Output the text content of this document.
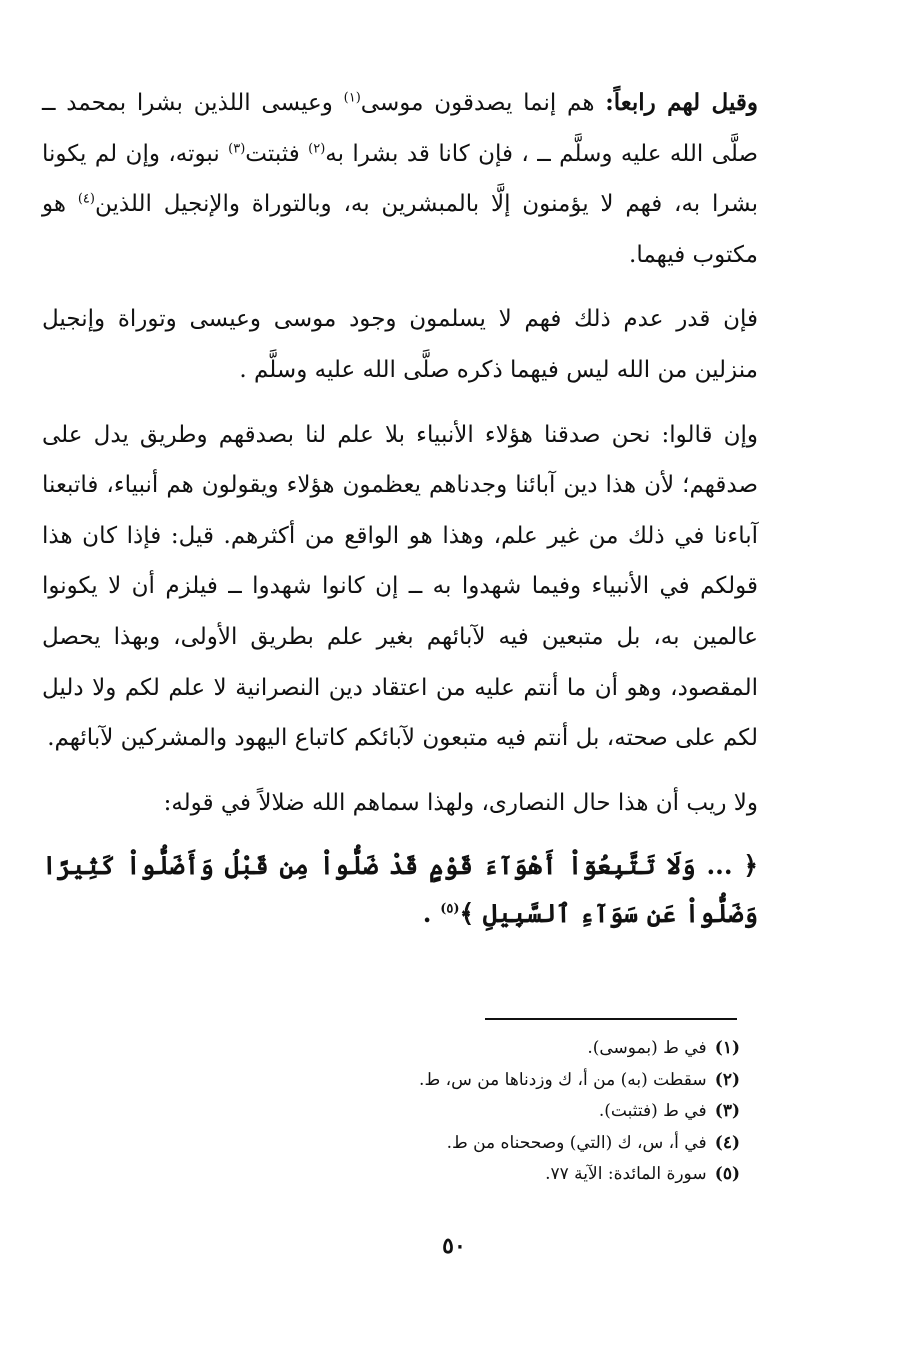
وقيل لهم رابعاً: هم إنما يصدقون موسى$^{(١)}$ وعيسى اللذين بشرا بمحمد ــ صلَّى الله عليه وسلَّم ــ ، فإن كانا قد بشرا به$^{(٢)}$ فثبتت$^{(٣)}$ نبوته، وإن لم يكونا بشرا به، فهم لا يؤمنون إلَّا بالمبشرين به، وبالتوراة والإنجيل اللذين$^{(٤)}$ هو مكتوب فيهما.

فإن قدر عدم ذلك فهم لا يسلمون وجود موسى وعيسى وتوراة وإنجيل منزلين من الله ليس فيهما ذكره صلَّى الله عليه وسلَّم .

وإن قالوا: نحن صدقنا هؤلاء الأنبياء بلا علم لنا بصدقهم وطريق يدل على صدقهم؛ لأن هذا دين آبائنا وجدناهم يعظمون هؤلاء ويقولون هم أنبياء، فاتبعنا آباءنا في ذلك من غير علم، وهذا هو الواقع من أكثرهم. قيل: فإذا كان هذا قولكم في الأنبياء وفيما شهدوا به ــ إن كانوا شهدوا ــ فيلزم أن لا يكونوا عالمين به، بل متبعين فيه لآبائهم بغير علم بطريق الأولى، وبهذا يحصل المقصود، وهو أن ما أنتم عليه من اعتقاد دين النصرانية لا علم لكم ولا دليل لكم على صحته، بل أنتم فيه متبعون لآبائكم كاتباع اليهود والمشركين لآبائهم.

ولا ريب أن هذا حال النصارى، ولهذا سماهم الله ضلالاً في قوله:

﴿ ... وَلَا تَتَّبِعُوٓاْ أَهْوَآءَ قَوْمٍ قَدْ ضَلُّواْ مِن قَبْلُ وَأَضَلُّواْ كَثِيرًا وَضَلُّواْ عَن سَوَآءِ ٱلسَّبِيلِ ﴾$^{(٥)}$ .

(١) في ط (بموسى).
(٢) سقطت (به) من أ، ك وزدناها من س، ط.
(٣) في ط (فتثبت).
(٤) في أ، س، ك (التي) وصححناه من ط.
(٥) سورة المائدة: الآية ٧٧.
٥٠
